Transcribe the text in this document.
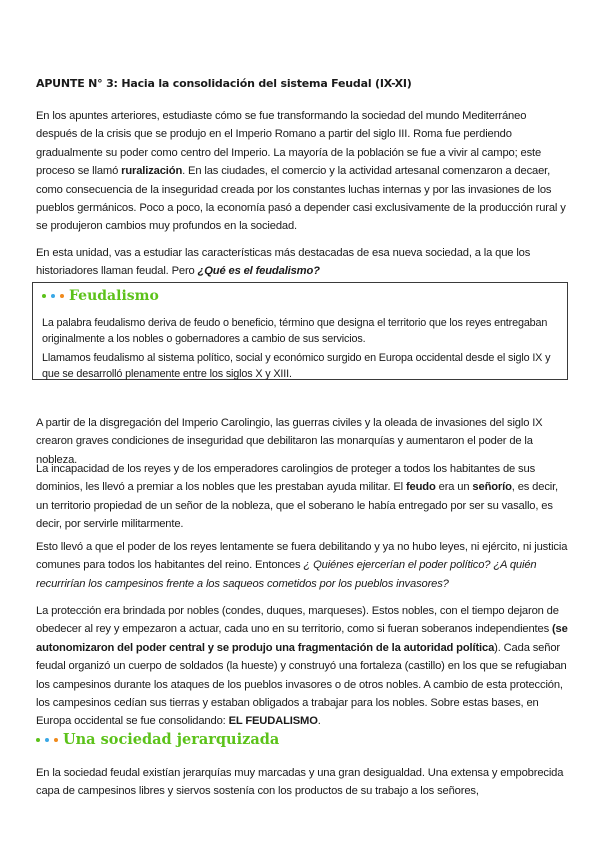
APUNTE N° 3: Hacia la consolidación del sistema Feudal (IX-XI)
En los apuntes arteriores, estudiaste cómo se fue transformando la sociedad del mundo Mediterráneo después de la crisis que se produjo en el Imperio Romano a partir del siglo III. Roma fue perdiendo gradualmente su poder como centro del Imperio. La mayoría de la población se fue a vivir al campo; este proceso se llamó ruralización. En las ciudades, el comercio y la actividad artesanal comenzaron a decaer, como consecuencia de la inseguridad creada por los constantes luchas internas y por las invasiones de los pueblos germánicos. Poco a poco, la economía pasó a depender casi exclusivamente de la producción rural y se produjeron cambios muy profundos en la sociedad.
En esta unidad, vas a estudiar las características más destacadas de esa nueva sociedad, a la que los historiadores llaman feudal. Pero ¿Qué es el feudalismo?
Feudalismo
La palabra feudalismo deriva de feudo o beneficio, término que designa el territorio que los reyes entregaban originalmente a los nobles o gobernadores a cambio de sus servicios.
Llamamos feudalismo al sistema político, social y económico surgido en Europa occidental desde el siglo IX y que se desarrolló plenamente entre los siglos X y XIII.
A partir de la disgregación del Imperio Carolingio, las guerras civiles y la oleada de invasiones del siglo IX crearon graves condiciones de inseguridad que debilitaron las monarquías y aumentaron el poder de la nobleza.
La incapacidad de los reyes y de los emperadores carolingios de proteger a todos los habitantes de sus dominios, les llevó a premiar a los nobles que les prestaban ayuda militar. El feudo era un señorío, es decir, un territorio propiedad de un señor de la nobleza, que el soberano le había entregado por ser su vasallo, es decir, por servirle militarmente.
Esto llevó a que el poder de los reyes lentamente se fuera debilitando y ya no hubo leyes, ni ejército, ni justicia comunes para todos los habitantes del reino. Entonces ¿ Quiénes ejercerían el poder político? ¿A quién recurrirían los campesinos frente a los saqueos cometidos por los pueblos invasores?
La protección era brindada por nobles (condes, duques, marqueses). Estos nobles, con el tiempo dejaron de obedecer al rey y empezaron a actuar, cada uno en su territorio, como si fueran soberanos independientes (se autonomizaron del poder central y se produjo una fragmentación de la autoridad política). Cada señor feudal organizó un cuerpo de soldados (la hueste) y construyó una fortaleza (castillo) en los que se refugiaban los campesinos durante los ataques de los pueblos invasores o de otros nobles. A cambio de esta protección, los campesinos cedían sus tierras y estaban obligados a trabajar para los nobles. Sobre estas bases, en Europa occidental se fue consolidando: EL FEUDALISMO.
Una sociedad jerarquizada
En la sociedad feudal existían jerarquías muy marcadas y una gran desigualdad. Una extensa y empobrecida capa de campesinos libres y siervos sostenía con los productos de su trabajo a los señores,
